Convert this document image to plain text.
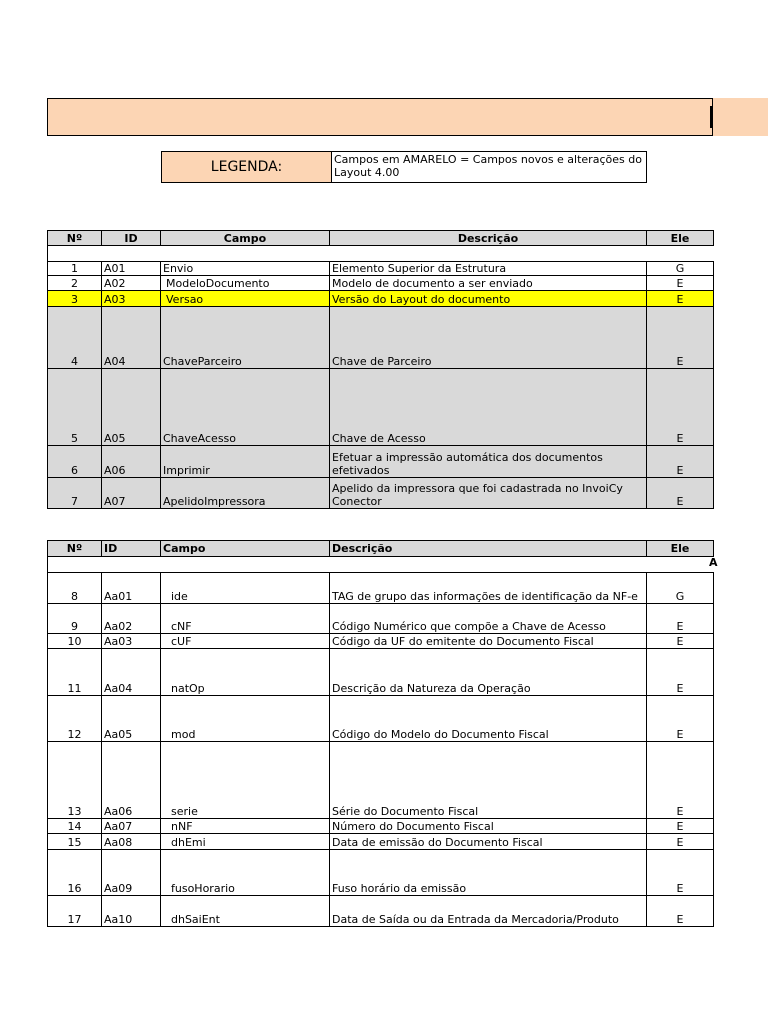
LEGENDA:	Campos em AMARELO = Campos novos e alterações do Layout 4.00
Nº	ID	Campo	Descrição	Ele

1	A01	Envio	Elemento Superior da Estrutura	G
2	A02	ModeloDocumento	Modelo de documento a ser enviado	E
3	A03	Versao	Versão do Layout do documento	E
4	A04	ChaveParceiro	Chave de Parceiro	E
5	A05	ChaveAcesso	Chave de Acesso	E
6	A06	Imprimir	Efetuar a impressão automática dos documentos efetivados	E
7	A07	ApelidoImpressora	Apelido da impressora que foi cadastrada no InvoiCy Conector	E
Nº	ID	Campo	Descrição	Ele

8	Aa01	ide	TAG de grupo das informações de identificação da NF-e	G
9	Aa02	cNF	Código Numérico que compõe a Chave de Acesso	E
10	Aa03	cUF	Código da UF do emitente do Documento Fiscal	E
11	Aa04	natOp	Descrição da Natureza da Operação	E
12	Aa05	mod	Código do Modelo do Documento Fiscal	E
13	Aa06	serie	Série do Documento Fiscal	E
14	Aa07	nNF	Número do Documento Fiscal	E
15	Aa08	dhEmi	Data de emissão do Documento Fiscal	E
16	Aa09	fusoHorario	Fuso horário da emissão	E
17	Aa10	dhSaiEnt	Data de Saída ou da Entrada da Mercadoria/Produto	E
A
